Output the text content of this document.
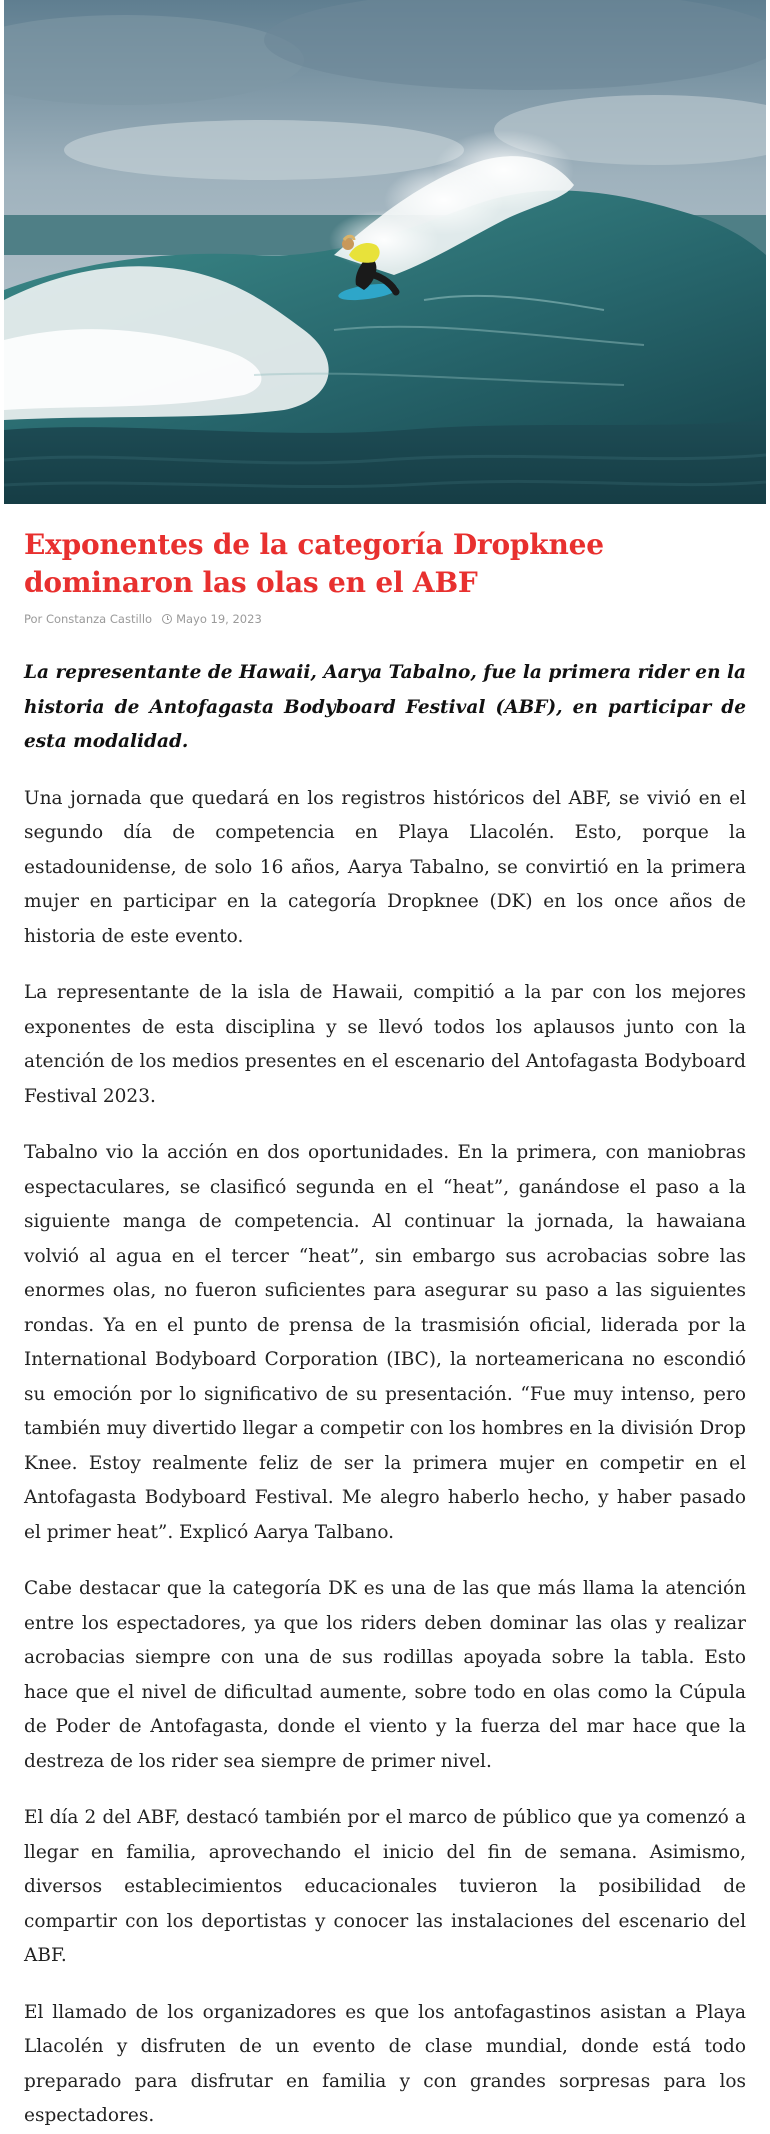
Exponentes de la categoría Dropknee dominaron las olas en el ABF
Por Constanza Castillo Mayo 19, 2023

La representante de Hawaii, Aarya Tabalno, fue la primera rider en la historia de Antofagasta Bodyboard Festival (ABF), en participar de esta modalidad.

Una jornada que quedará en los registros históricos del ABF, se vivió en el segundo día de competencia en Playa Llacolén. Esto, porque la estadounidense, de solo 16 años, Aarya Tabalno, se convirtió en la primera mujer en participar en la categoría Dropknee (DK) en los once años de historia de este evento.

La representante de la isla de Hawaii, compitió a la par con los mejores exponentes de esta disciplina y se llevó todos los aplausos junto con la atención de los medios presentes en el escenario del Antofagasta Bodyboard Festival 2023.

Tabalno vio la acción en dos oportunidades. En la primera, con maniobras espectaculares, se clasificó segunda en el “heat”, ganándose el paso a la siguiente manga de competencia. Al continuar la jornada, la hawaiana volvió al agua en el tercer “heat”, sin embargo sus acrobacias sobre las enormes olas, no fueron suficientes para asegurar su paso a las siguientes rondas. Ya en el punto de prensa de la trasmisión oficial, liderada por la International Bodyboard Corporation (IBC), la norteamericana no escondió su emoción por lo significativo de su presentación. “Fue muy intenso, pero también muy divertido llegar a competir con los hombres en la división Drop Knee. Estoy realmente feliz de ser la primera mujer en competir en el Antofagasta Bodyboard Festival. Me alegro haberlo hecho, y haber pasado el primer heat”. Explicó Aarya Talbano.

Cabe destacar que la categoría DK es una de las que más llama la atención entre los espectadores, ya que los riders deben dominar las olas y realizar acrobacias siempre con una de sus rodillas apoyada sobre la tabla. Esto hace que el nivel de dificultad aumente, sobre todo en olas como la Cúpula de Poder de Antofagasta, donde el viento y la fuerza del mar hace que la destreza de los rider sea siempre de primer nivel.

El día 2 del ABF, destacó también por el marco de público que ya comenzó a llegar en familia, aprovechando el inicio del fin de semana. Asimismo, diversos establecimientos educacionales tuvieron la posibilidad de compartir con los deportistas y conocer las instalaciones del escenario del ABF.

El llamado de los organizadores es que los antofagastinos asistan a Playa Llacolén y disfruten de un evento de clase mundial, donde está todo preparado para disfrutar en familia y con grandes sorpresas para los espectadores.
